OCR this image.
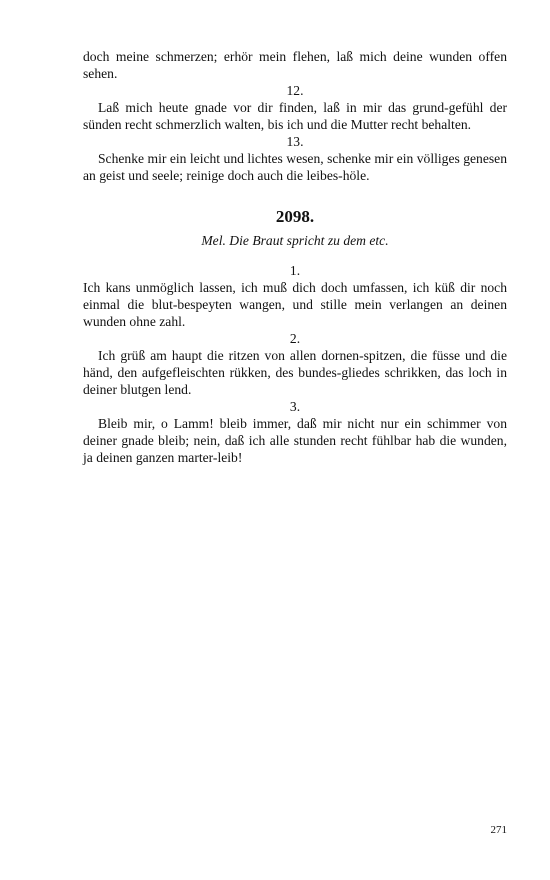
doch meine schmerzen; erhör mein flehen, laß mich deine wunden offen sehen.

12.

Laß mich heute gnade vor dir finden, laß in mir das grund-gefühl der sünden recht schmerzlich walten, bis ich und die Mutter recht behalten.

13.

Schenke mir ein leicht und lichtes wesen, schenke mir ein völliges genesen an geist und seele; reinige doch auch die leibes-höle.

2098.

Mel. Die Braut spricht zu dem etc.

1.

Ich kans unmöglich lassen, ich muß dich doch umfassen, ich küß dir noch einmal die blut-bespeyten wangen, und stille mein verlangen an deinen wunden ohne zahl.

2.

Ich grüß am haupt die ritzen von allen dornen-spitzen, die füsse und die händ, den aufgefleischten rükken, des bundes-gliedes schrikken, das loch in deiner blutgen lend.

3.

Bleib mir, o Lamm! bleib immer, daß mir nicht nur ein schimmer von deiner gnade bleib; nein, daß ich alle stunden recht fühlbar hab die wunden, ja deinen ganzen marter-leib!

271
